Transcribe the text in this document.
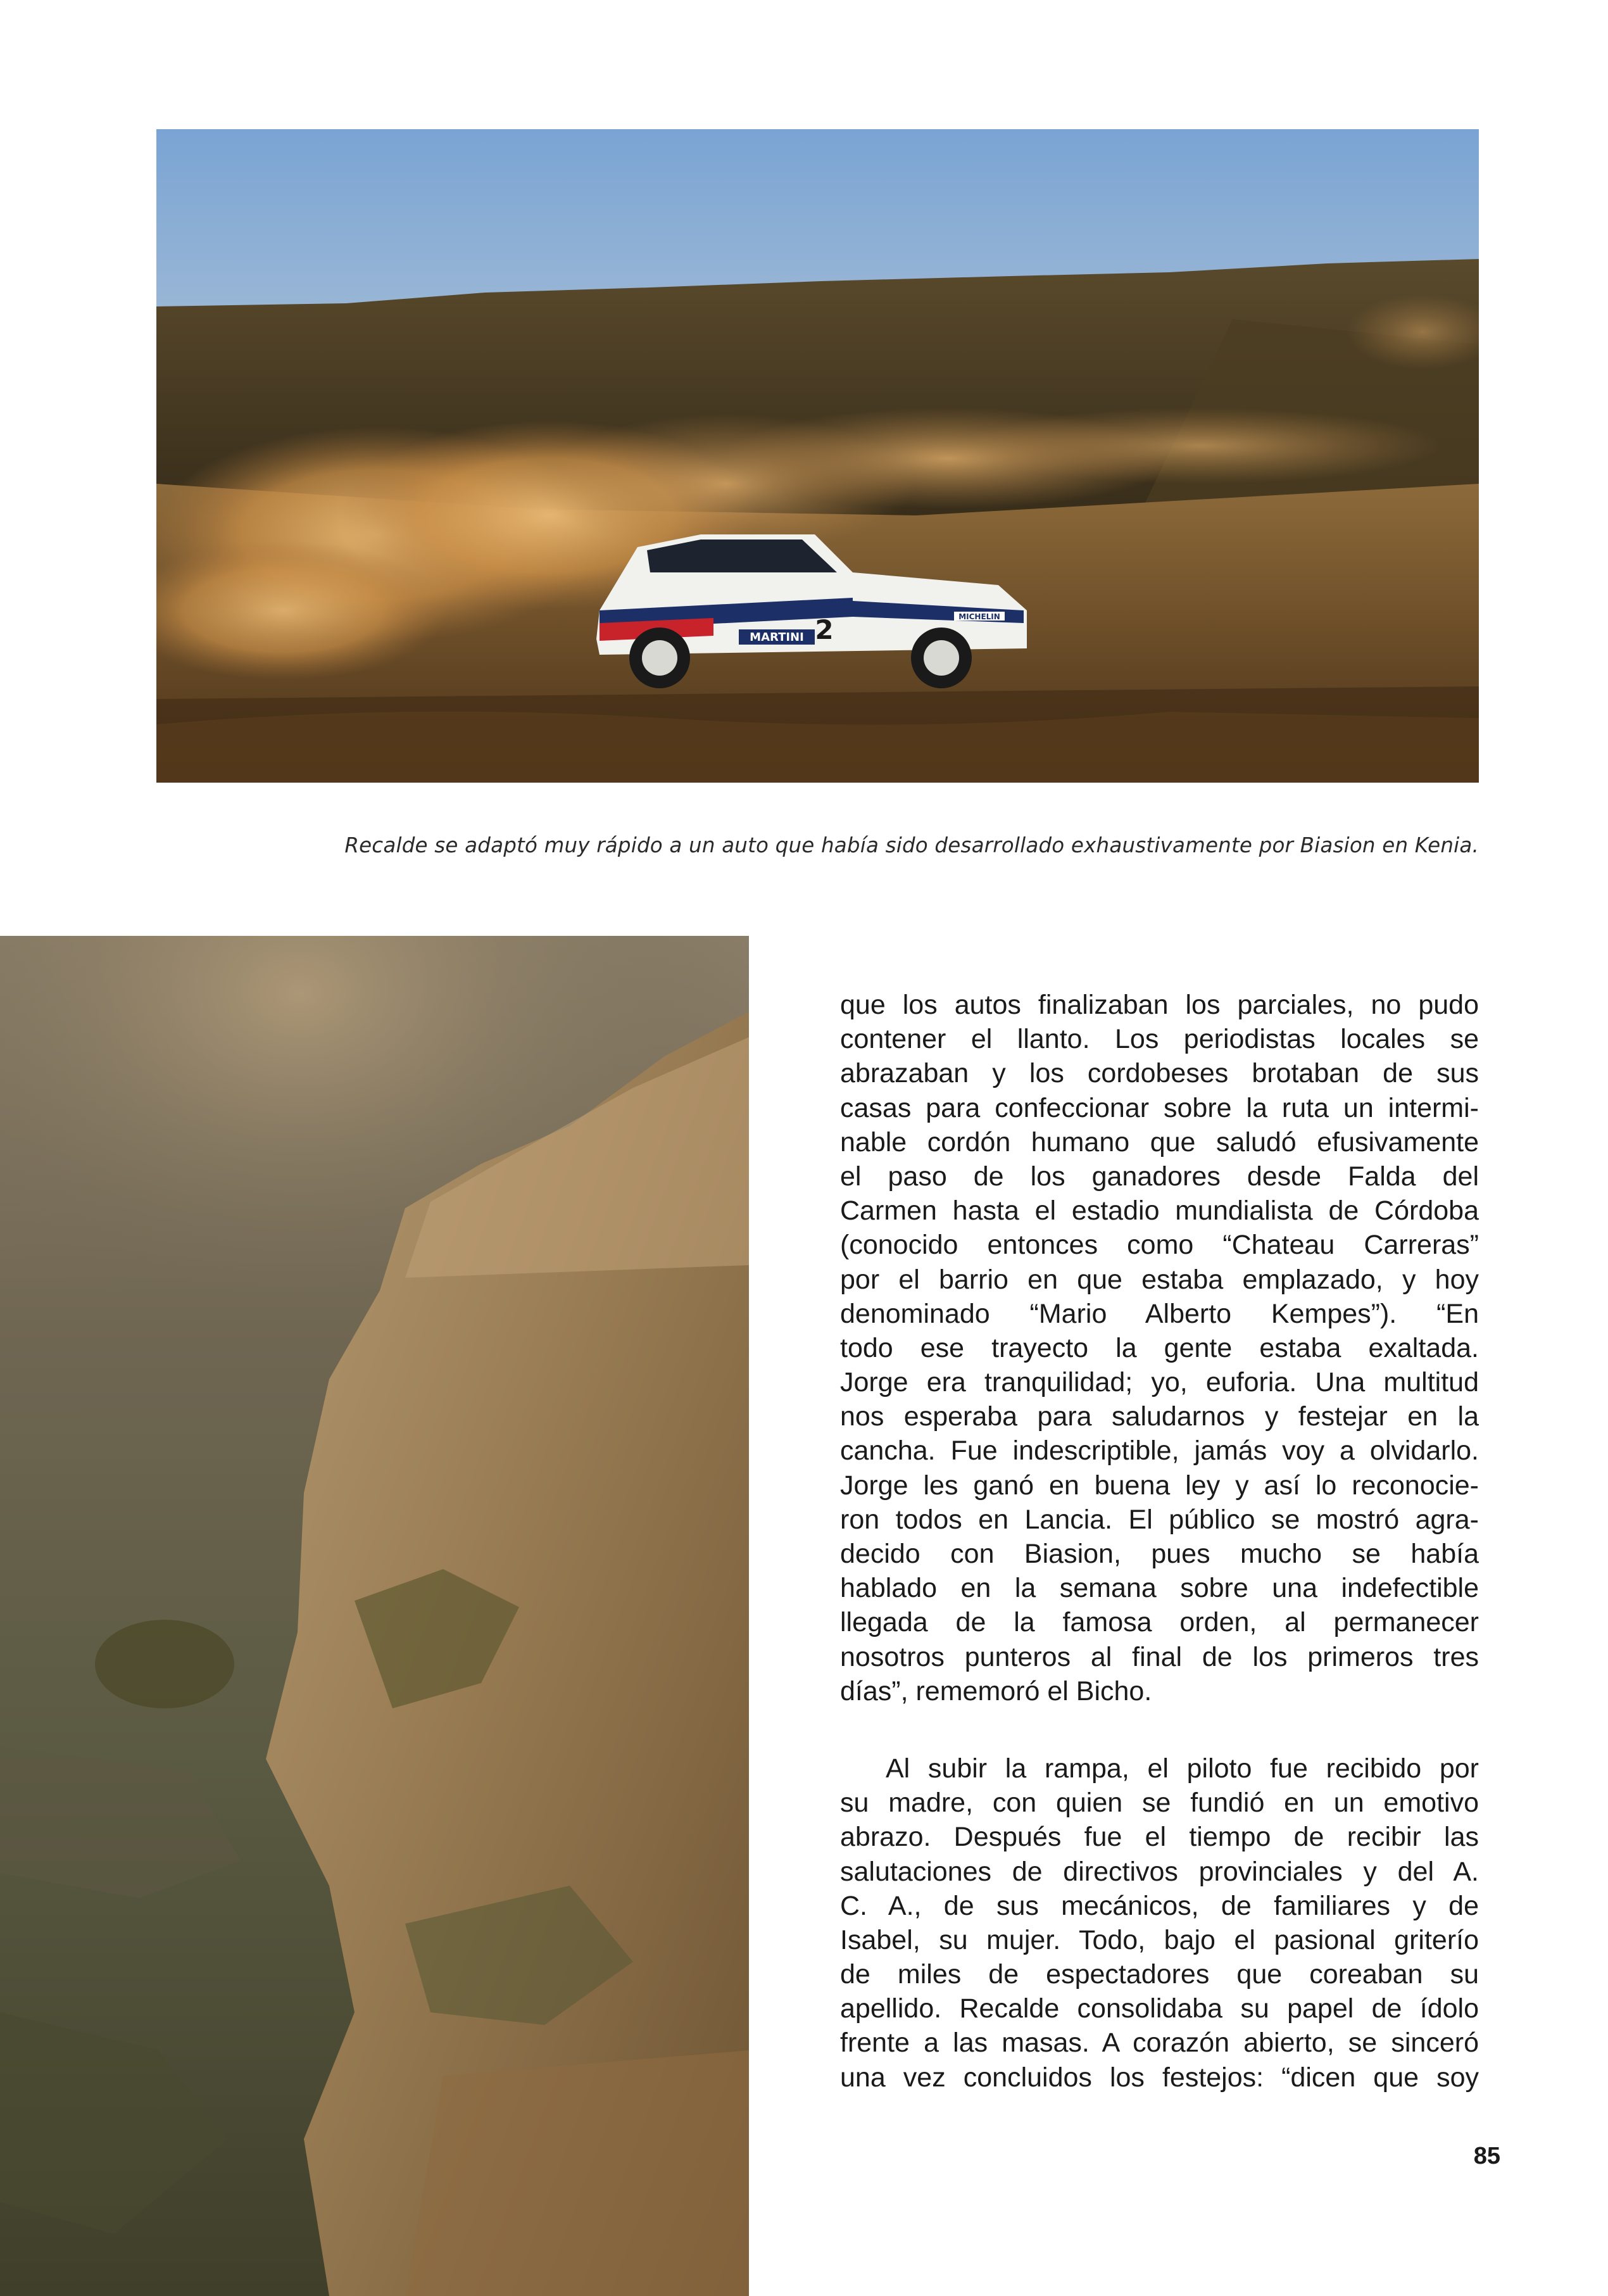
MARTINI 2	MICHELIN
Recalde se adaptó muy rápido a un auto que había sido desarrollado exhaustivamente por Biasion en Kenia.
que los autos finalizaban los parciales, no pudo
contener el llanto. Los periodistas locales se
abrazaban y los cordobeses brotaban de sus
casas para confeccionar sobre la ruta un intermi-
nable cordón humano que saludó efusivamente
el paso de los ganadores desde Falda del
Carmen hasta el estadio mundialista de Córdoba
(conocido entonces como “Chateau Carreras”
por el barrio en que estaba emplazado, y hoy
denominado “Mario Alberto Kempes”). “En
todo ese trayecto la gente estaba exaltada.
Jorge era tranquilidad; yo, euforia. Una multitud
nos esperaba para saludarnos y festejar en la
cancha. Fue indescriptible, jamás voy a olvidarlo.
Jorge les ganó en buena ley y así lo reconocie-
ron todos en Lancia. El público se mostró agra-
decido con Biasion, pues mucho se había
hablado en la semana sobre una indefectible
llegada de la famosa orden, al permanecer
nosotros punteros al final de los primeros tres
días”, rememoró el Bicho.
Al subir la rampa, el piloto fue recibido por
su madre, con quien se fundió en un emotivo
abrazo. Después fue el tiempo de recibir las
salutaciones de directivos provinciales y del A.
C. A., de sus mecánicos, de familiares y de
Isabel, su mujer. Todo, bajo el pasional griterío
de miles de espectadores que coreaban su
apellido. Recalde consolidaba su papel de ídolo
frente a las masas. A corazón abierto, se sinceró
una vez concluidos los festejos: “dicen que soy
85
